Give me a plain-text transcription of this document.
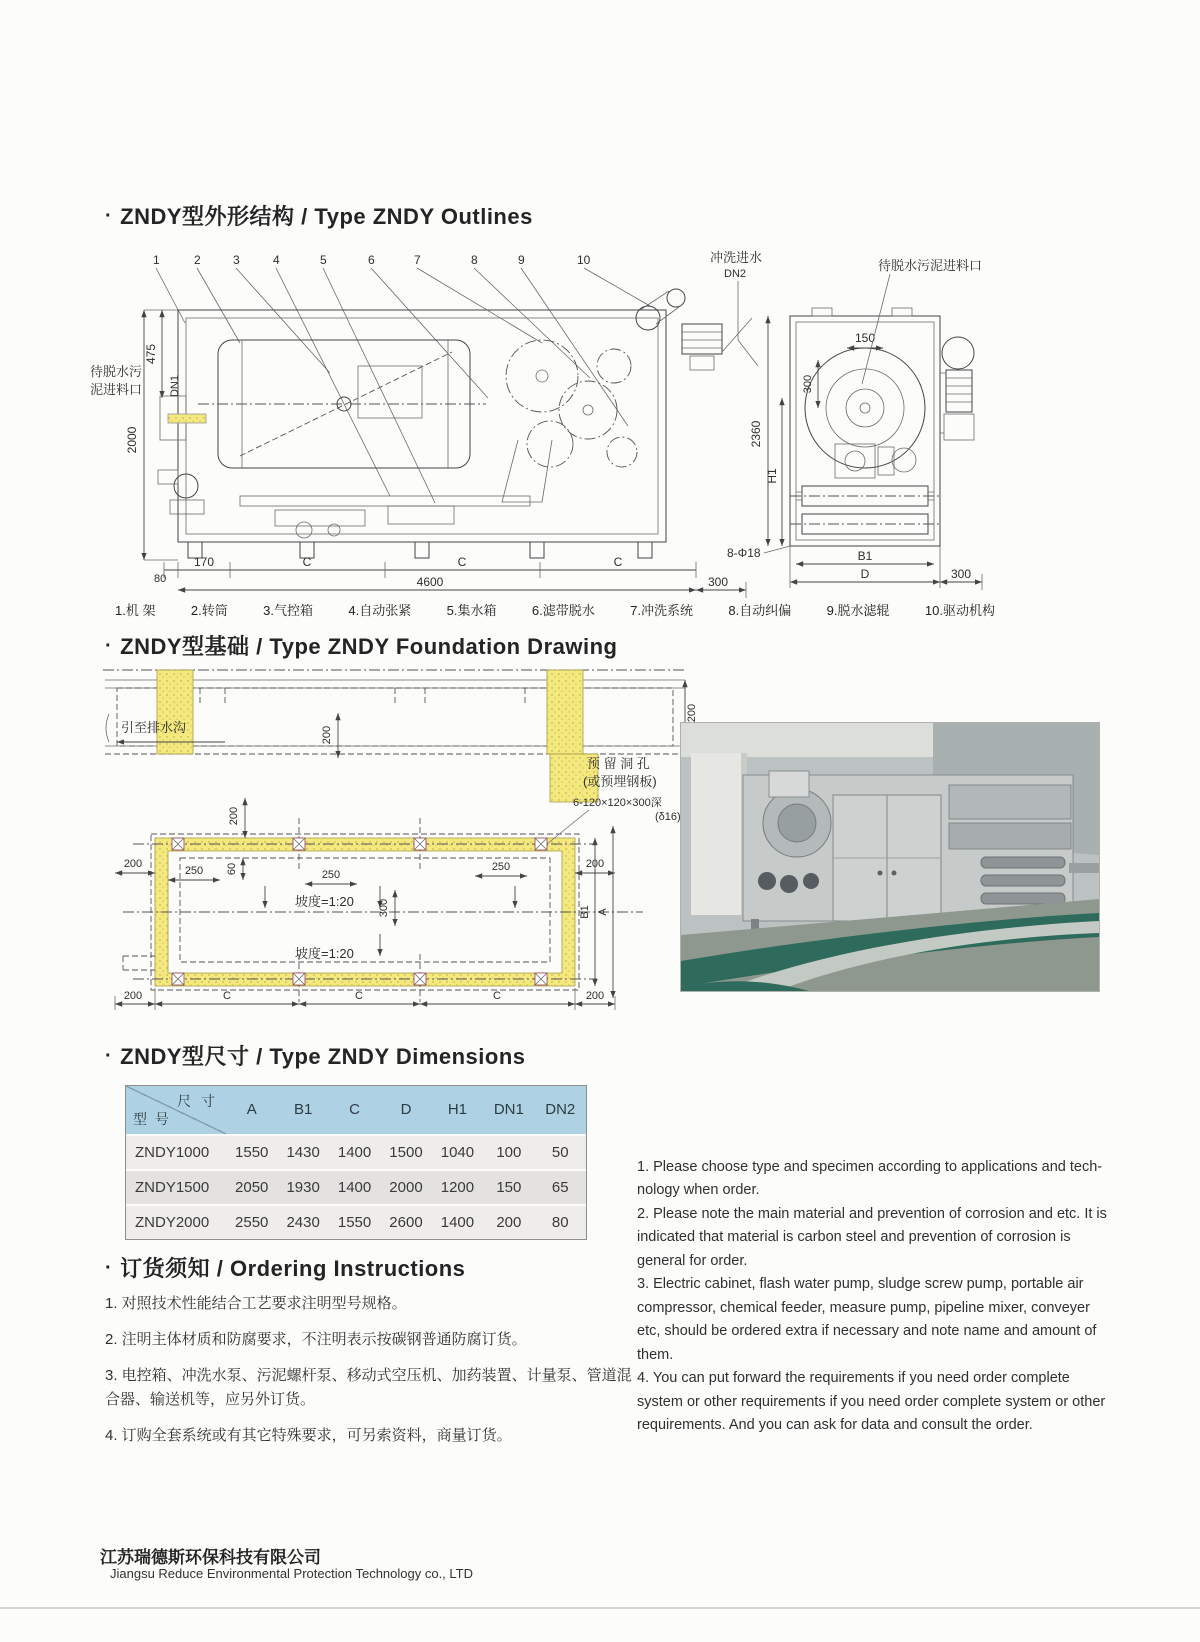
· ZNDY型外形结构 / Type ZNDY Outlines
1	2	3	4	5	6	7	8	9	10
2000
475
DN1
待脱水污
泥进料口
80
170	C	C	C
4600	300
2360
H1
150
300
8-Φ18	B1
D	300
待脱水污泥进料口
冲洗进水
DN2
1.机 架	2.转筒	3.气控箱	4.自动张紧	5.集水箱	6.滤带脱水	7.冲洗系统	8.自动纠偏	9.脱水滤辊	10.驱动机构
· ZNDY型基础 / Type ZNDY Foundation Drawing
引至排水沟
200
200
200
250 60	250
300
250	200
200
B1 A
坡度=1:20
坡度=1:20
200	C	C	C	200
预 留 洞 孔
(或预埋钢板)
6-120×120×300深
(δ16)
· ZNDY型尺寸 / Type ZNDY Dimensions
尺 寸
型 号
A	B1	C	D	H1	DN1	DN2
ZNDY1000	1550	1430	1400	1500	1040	100	50
ZNDY1500	2050	1930	1400	2000	1200	150	65
ZNDY2000	2550	2430	1550	2600	1400	200	80
· 订货须知 / Ordering Instructions
1. 对照技术性能结合工艺要求注明型号规格。
2. 注明主体材质和防腐要求，不注明表示按碳钢普通防腐订货。
3. 电控箱、冲洗水泵、污泥螺杆泵、移动式空压机、加药装置、计量泵、管道混合器、输送机等，应另外订货。
4. 订购全套系统或有其它特殊要求，可另索资料，商量订货。
1. Please choose type and specimen according to applications and tech-nology when order.
2. Please note the main material and prevention of corrosion and etc. It is indicated that material is carbon steel and prevention of corrosion is general for order.
3. Electric cabinet, flash water pump, sludge screw pump, portable air compressor, chemical feeder, measure pump, pipeline mixer, conveyer etc, should be ordered extra if necessary and note name and amount of them.
4. You can put forward the requirements if you need order complete system or other requirements if you need order complete system or other requirements. And you can ask for data and consult the order.
江苏瑞德斯环保科技有限公司
Jiangsu Reduce Environmental Protection Technology co., LTD
